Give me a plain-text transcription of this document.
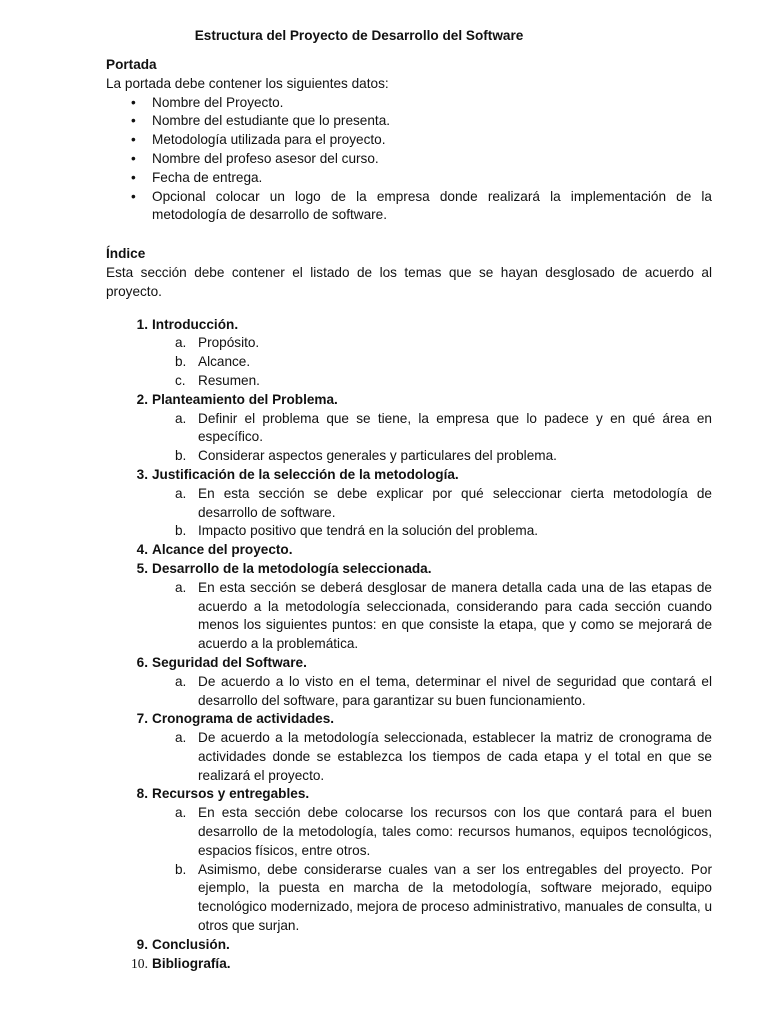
Estructura del Proyecto de Desarrollo del Software
Portada

La portada debe contener los siguientes datos:

• Nombre del Proyecto.
• Nombre del estudiante que lo presenta.
• Metodología utilizada para el proyecto.
• Nombre del profeso asesor del curso.
• Fecha de entrega.
• Opcional colocar un logo de la empresa donde realizará la implementación de la metodología de desarrollo de software.
Índice

Esta sección debe contener el listado de los temas que se hayan desglosado de acuerdo al proyecto.

1. Introducción.
a. Propósito.
b. Alcance.
c. Resumen.
2. Planteamiento del Problema.
a. Definir el problema que se tiene, la empresa que lo padece y en qué área en específico.
b. Considerar aspectos generales y particulares del problema.
3. Justificación de la selección de la metodología.
a. En esta sección se debe explicar por qué seleccionar cierta metodología de desarrollo de software.
b. Impacto positivo que tendrá en la solución del problema.
4. Alcance del proyecto.
5. Desarrollo de la metodología seleccionada.
a. En esta sección se deberá desglosar de manera detalla cada una de las etapas de acuerdo a la metodología seleccionada, considerando para cada sección cuando menos los siguientes puntos: en que consiste la etapa, que y como se mejorará de acuerdo a la problemática.
6. Seguridad del Software.
a. De acuerdo a lo visto en el tema, determinar el nivel de seguridad que contará el desarrollo del software, para garantizar su buen funcionamiento.
7. Cronograma de actividades.
a. De acuerdo a la metodología seleccionada, establecer la matriz de cronograma de actividades donde se establezca los tiempos de cada etapa y el total en que se realizará el proyecto.
8. Recursos y entregables.
a. En esta sección debe colocarse los recursos con los que contará para el buen desarrollo de la metodología, tales como: recursos humanos, equipos tecnológicos, espacios físicos, entre otros.
b. Asimismo, debe considerarse cuales van a ser los entregables del proyecto. Por ejemplo, la puesta en marcha de la metodología, software mejorado, equipo tecnológico modernizado, mejora de proceso administrativo, manuales de consulta, u otros que surjan.
9. Conclusión.
10. Bibliografía.
